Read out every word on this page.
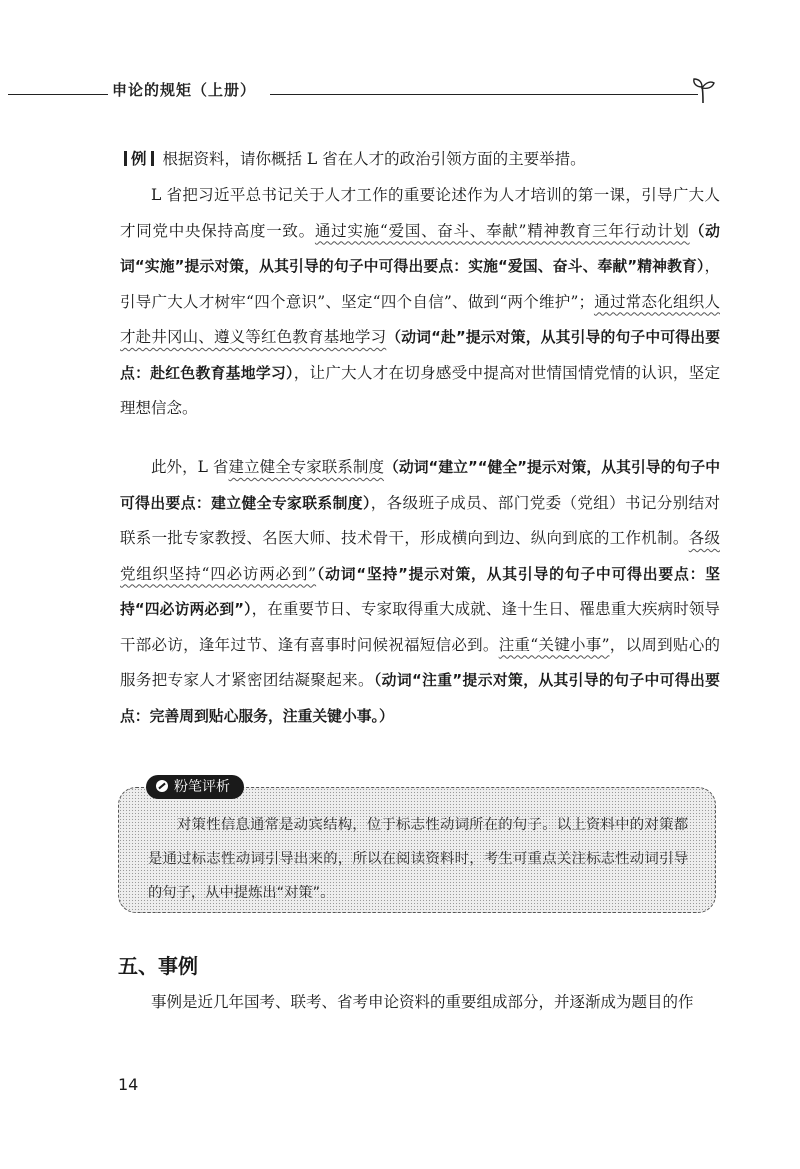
申论的规矩（上册）

例 根据资料，请你概括 L 省在人才的政治引领方面的主要举措。

L 省把习近平总书记关于人才工作的重要论述作为人才培训的第一课，引导广大人才同党中央保持高度一致。通过实施“爱国、奋斗、奉献”精神教育三年行动计划（动词“实施”提示对策，从其引导的句子中可得出要点：实施“爱国、奋斗、奉献”精神教育），引导广大人才树牢“四个意识”、坚定“四个自信”、做到“两个维护”；通过常态化组织人才赴井冈山、遵义等红色教育基地学习（动词“赴”提示对策，从其引导的句子中可得出要点：赴红色教育基地学习），让广大人才在切身感受中提高对世情国情党情的认识，坚定理想信念。

此外，L 省建立健全专家联系制度（动词“建立”“健全”提示对策，从其引导的句子中可得出要点：建立健全专家联系制度），各级班子成员、部门党委（党组）书记分别结对联系一批专家教授、名医大师、技术骨干，形成横向到边、纵向到底的工作机制。各级党组织坚持“四必访两必到”（动词“坚持”提示对策，从其引导的句子中可得出要点：坚持“四必访两必到”），在重要节日、专家取得重大成就、逢十生日、罹患重大疾病时领导干部必访，逢年过节、逢有喜事时问候祝福短信必到。注重“关键小事”，以周到贴心的服务把专家人才紧密团结凝聚起来。（动词“注重”提示对策，从其引导的句子中可得出要点：完善周到贴心服务，注重关键小事。）

粉笔评析

对策性信息通常是动宾结构，位于标志性动词所在的句子。以上资料中的对策都是通过标志性动词引导出来的，所以在阅读资料时，考生可重点关注标志性动词引导的句子，从中提炼出“对策”。

五、事例

事例是近几年国考、联考、省考申论资料的重要组成部分，并逐渐成为题目的作

14
